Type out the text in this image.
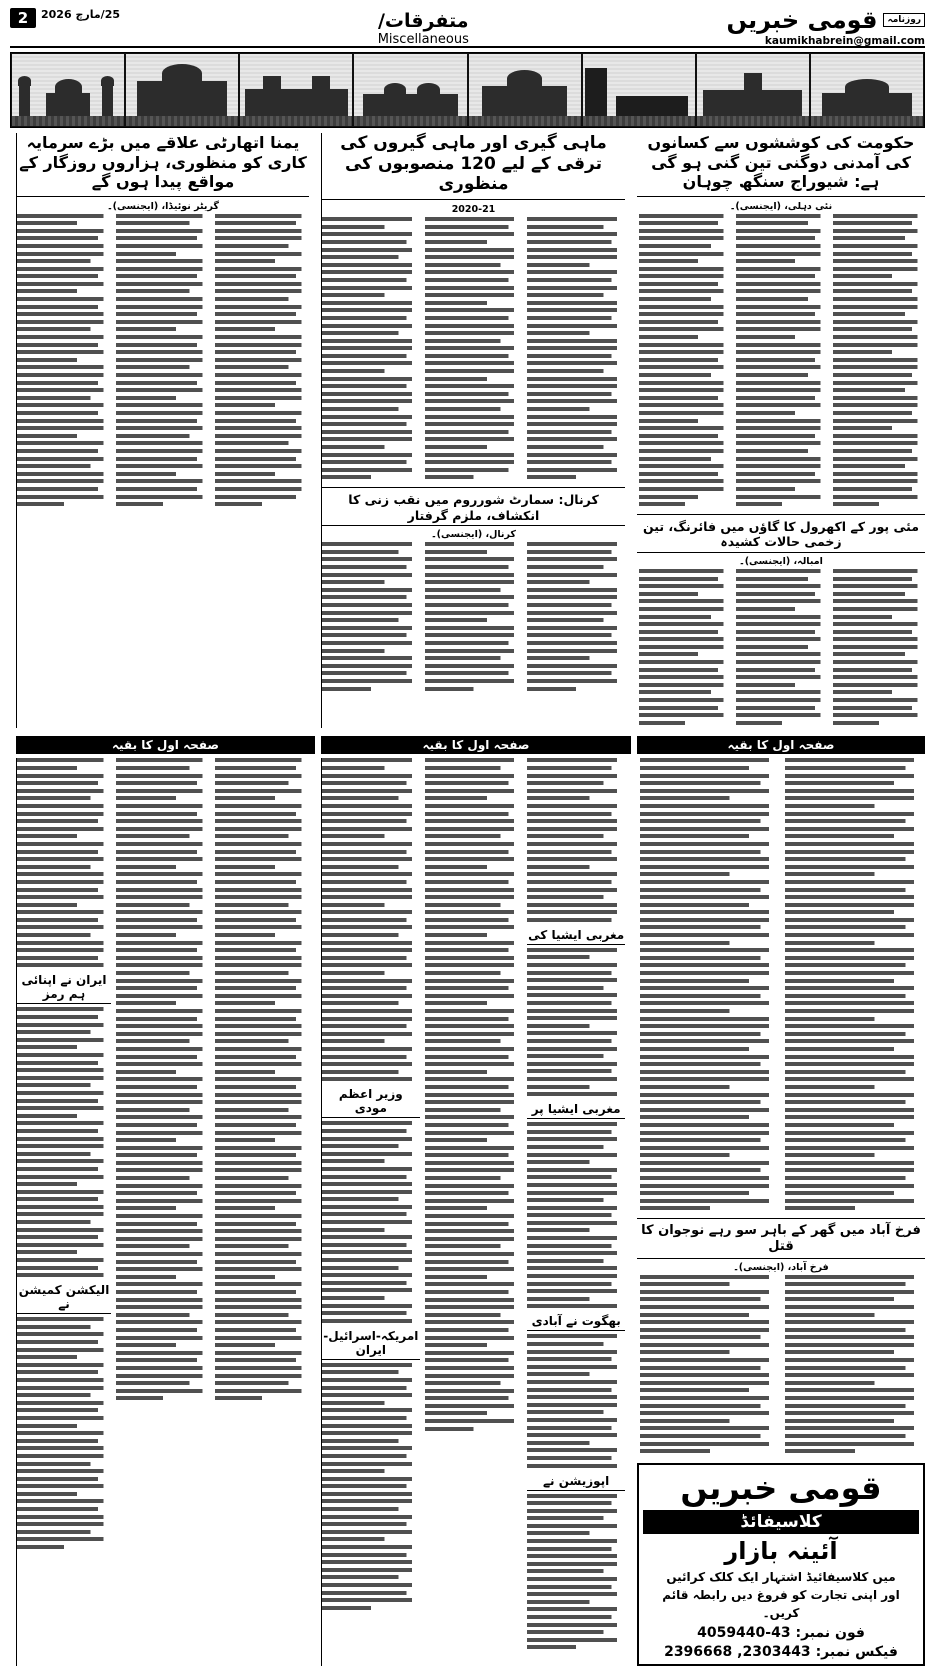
2	25/مارچ 2026	متفرقات/
Miscellaneous
روزنامہ
قومی خبریں
kaumikhabrein@gmail.com
حکومت کی کوششوں سے کسانوں کی آمدنی دوگنی تین گنی ہو گی ہے: شیوراج سنگھ چوہان
نئی دہلی، (ایجنسی)۔
مئی پور کے اکھرول کا گاؤں میں فائرنگ، تین زخمی حالات کشیدہ
امبالہ، (ایجنسی)۔
ماہی گیری اور ماہی گیروں کی ترقی کے لیے 120 منصوبوں کی منظوری
2020-21
کرنال: سمارٹ شورروم میں نقب زنی کا انکشاف، ملزم گرفتار
کرنال، (ایجنسی)۔
یمنا اتھارٹی علاقے میں بڑے سرمایہ کاری کو منظوری، ہزاروں روزگار کے مواقع پیدا ہوں گے
گریٹر نوئیڈا، (ایجنسی)۔
صفحہ اول کا بقیہ
صفحہ اول کا بقیہ
صفحہ اول کا بقیہ
فرخ آباد میں گھر کے باہر سو رہے نوجوان کا قتل
فرخ آباد، (ایجنسی)۔
قومی خبریں
کلاسیفائڈ
آئینہ بازار
میں کلاسیفائیڈ اشتہار ایک کلک کرائیں
اور اپنی تجارت کو فروغ دیں رابطہ قائم کریں۔
فون نمبر: 43-4059440
فیکس نمبر: 2303443, 2396668
مغربی ایشیا کی
مغربی ایشیا پر
بھگوت نے آبادی
اپوزیشن نے
وزیر اعظم مودی
امریکہ-اسرائیل-ایران
ایران نے اپنائی ہم رمز
الیکشن کمیشن نے
